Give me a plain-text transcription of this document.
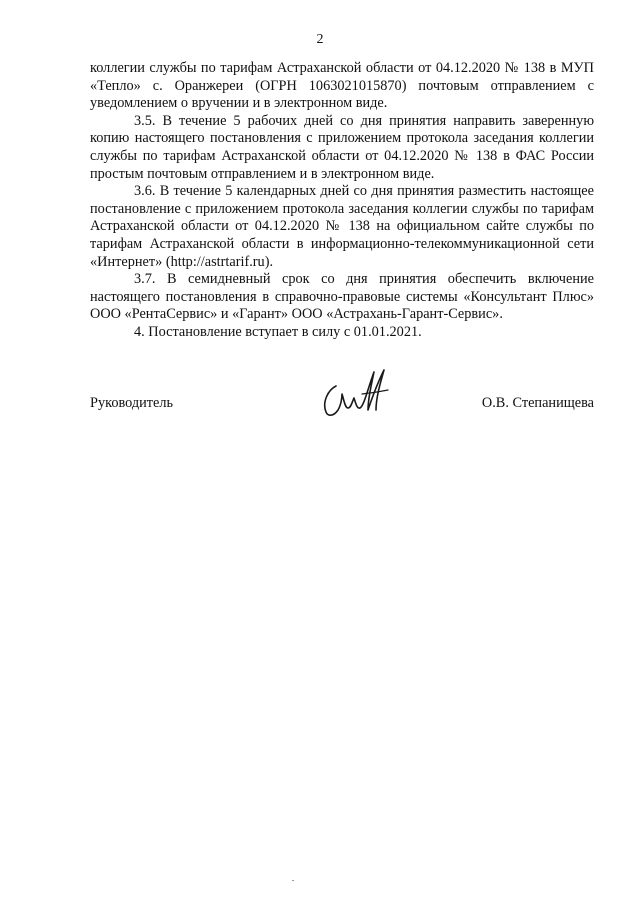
2

коллегии службы по тарифам Астраханской области от 04.12.2020 № 138 в МУП «Тепло» с. Оранжереи (ОГРН 1063021015870) почтовым отправлением с уведомлением о вручении и в электронном виде.

3.5. В течение 5 рабочих дней со дня принятия направить заверенную копию настоящего постановления с приложением протокола заседания коллегии службы по тарифам Астраханской области от 04.12.2020 № 138 в ФАС России простым почтовым отправлением и в электронном виде.

3.6. В течение 5 календарных дней со дня принятия разместить настоящее постановление с приложением протокола заседания коллегии службы по тарифам Астраханской области от 04.12.2020 № 138 на официальном сайте службы по тарифам Астраханской области в информационно-телекоммуникационной сети «Интернет» (http://astrtarif.ru).

3.7. В семидневный срок со дня принятия обеспечить включение настоящего постановления в справочно-правовые системы «Консультант Плюс» ООО «РентаСервис» и «Гарант» ООО «Астрахань-Гарант-Сервис».

4. Постановление вступает в силу с 01.01.2021.

Руководитель	О.В. Степанищева
